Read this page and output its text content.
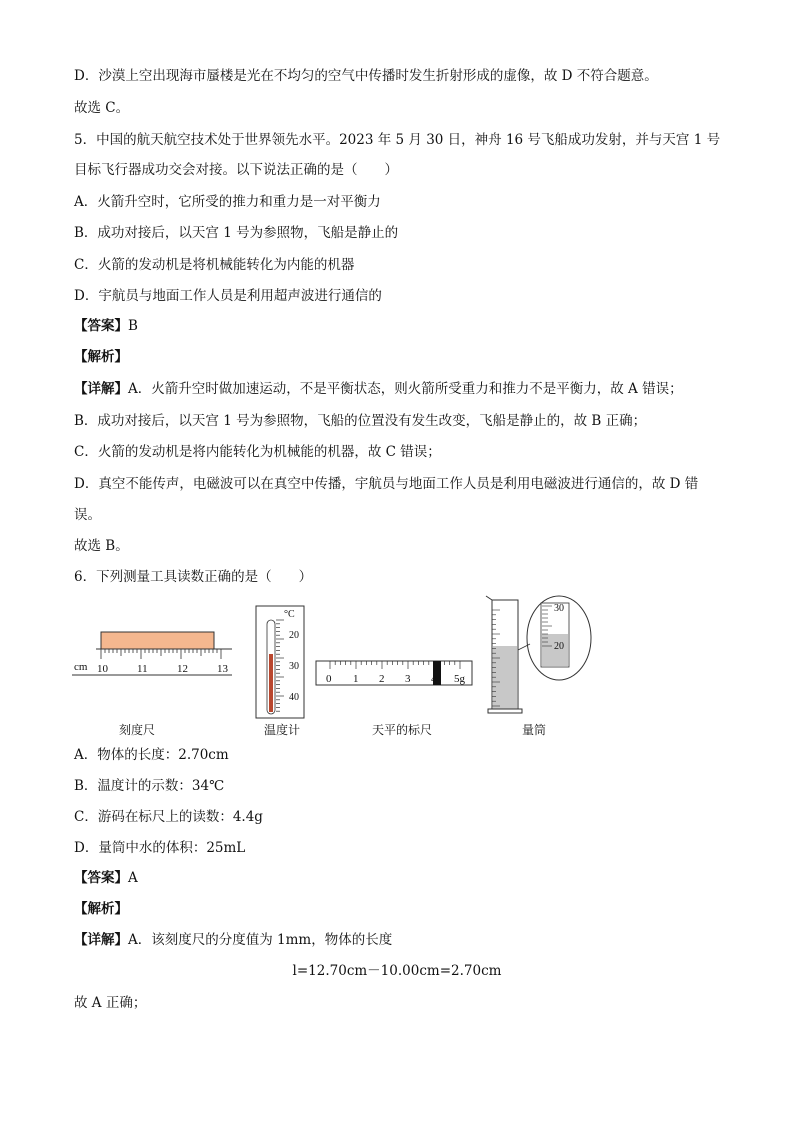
D．沙漠上空出现海市蜃楼是光在不均匀的空气中传播时发生折射形成的虚像，故 D 不符合题意。
故选 C。
5．中国的航天航空技术处于世界领先水平。2023 年 5 月 30 日，神舟 16 号飞船成功发射，并与天宫 1 号
目标飞行器成功交会对接。以下说法正确的是（　　）
A．火箭升空时，它所受的推力和重力是一对平衡力
B．成功对接后，以天宫 1 号为参照物，飞船是静止的
C．火箭的发动机是将机械能转化为内能的机器
D．宇航员与地面工作人员是利用超声波进行通信的
【答案】B
【解析】
【详解】A．火箭升空时做加速运动，不是平衡状态，则火箭所受重力和推力不是平衡力，故 A 错误；
B．成功对接后，以天宫 1 号为参照物，飞船的位置没有发生改变，飞船是静止的，故 B 正确；
C．火箭的发动机是将内能转化为机械能的机器，故 C 错误；
D．真空不能传声，电磁波可以在真空中传播，宇航员与地面工作人员是利用电磁波进行通信的，故 D 错
误。
故选 B。
6．下列测量工具读数正确的是（　　）
cm 10	11	12	13
°C
20
30
40
0 1 2 3 4 5g
30
20
刻度尺	温度计	天平的标尺	量筒
A．物体的长度：2.70cm
B．温度计的示数：34℃
C．游码在标尺上的读数：4.4g
D．量筒中水的体积：25mL
【答案】A
【解析】
【详解】A．该刻度尺的分度值为 1mm，物体的长度
l=12.70cm－10.00cm=2.70cm
故 A 正确；
